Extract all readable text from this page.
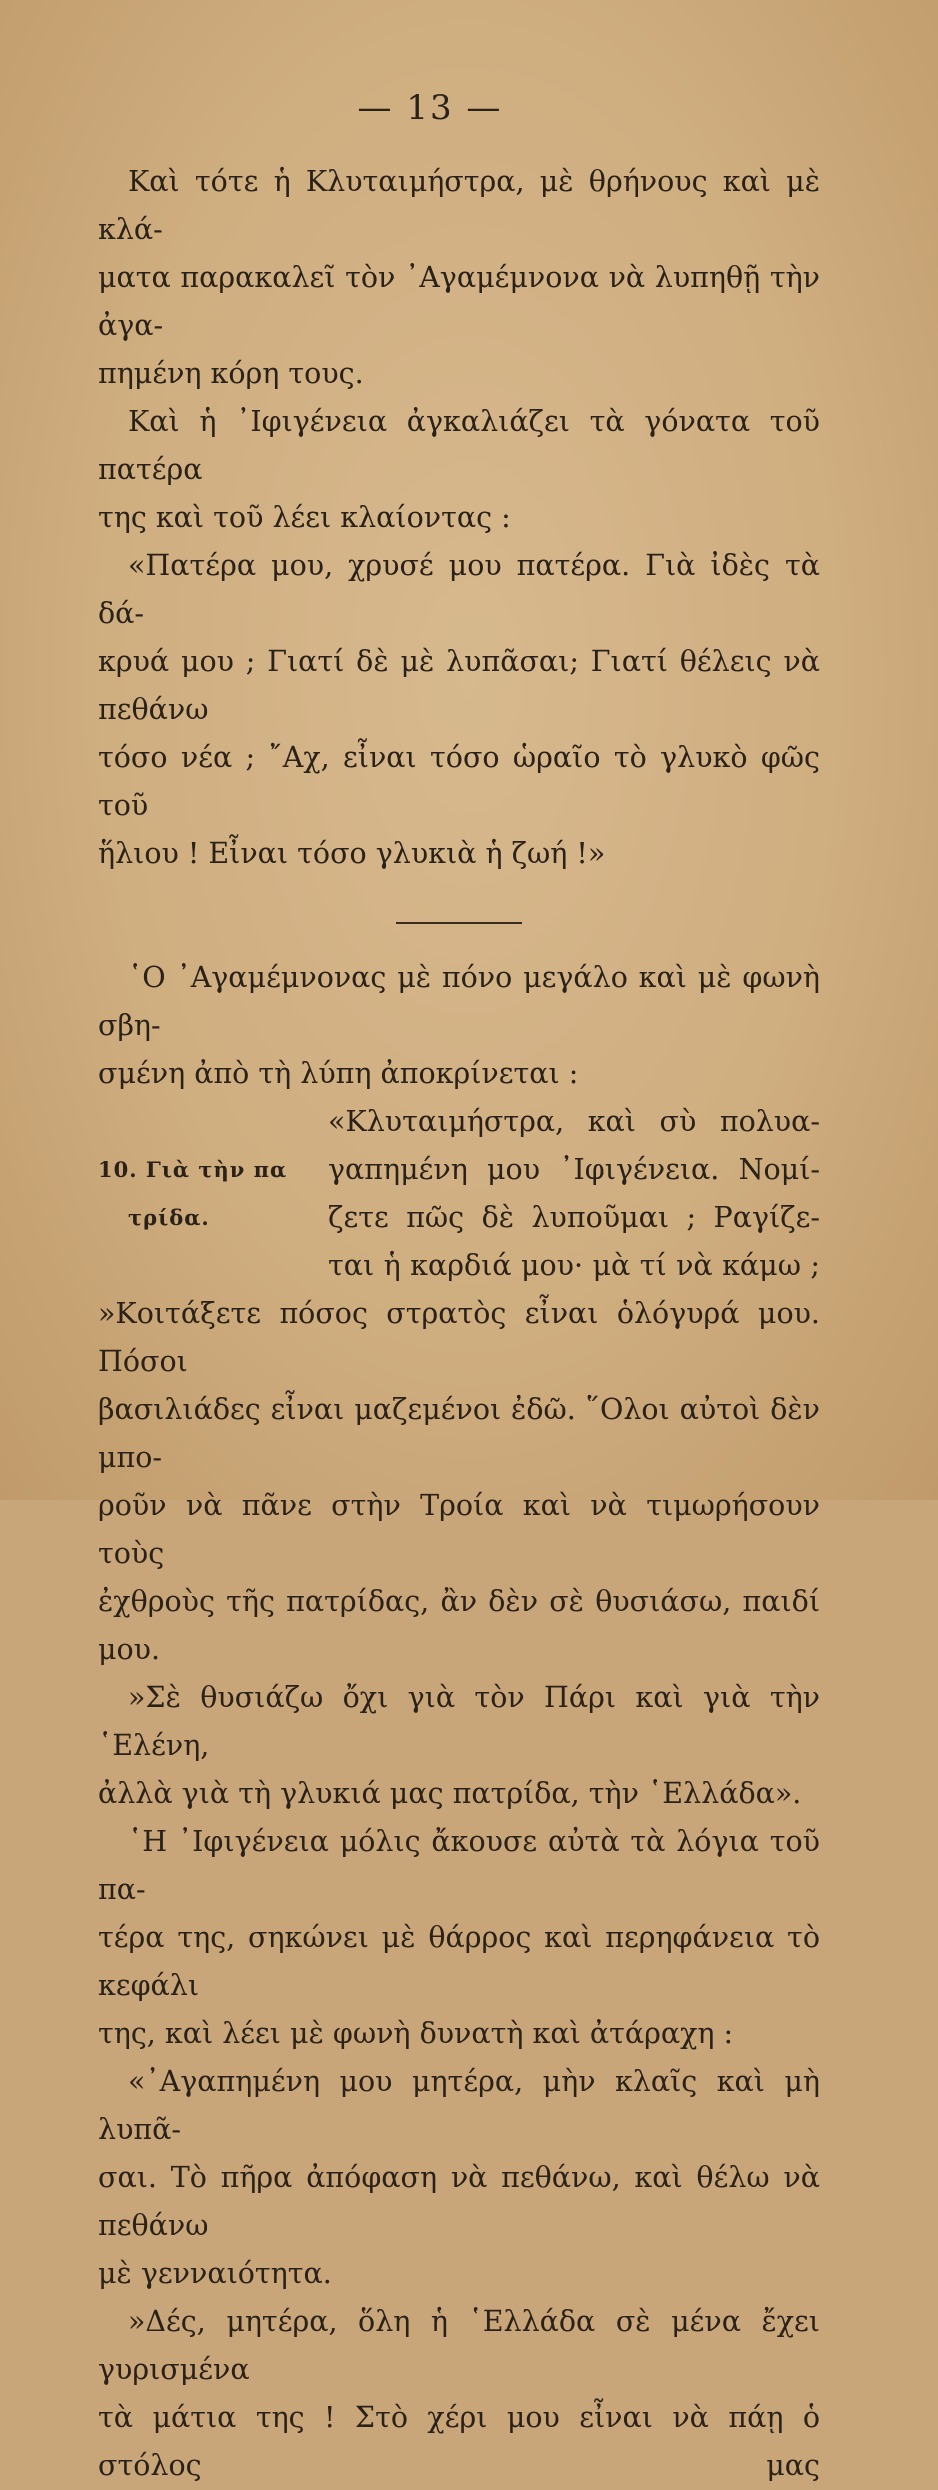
— 13 —

Καὶ τότε ἡ Κλυταιμήστρα, μὲ θρήνους καὶ μὲ κλά-

ματα παρακαλεῖ τὸν ᾿Αγαμέμνονα νὰ λυπηθῇ τὴν ἀγα-

πημένη κόρη τους.

Καὶ ἡ ᾿Ιφιγένεια ἀγκαλιάζει τὰ γόνατα τοῦ πατέρα

της καὶ τοῦ λέει κλαίοντας :

«Πατέρα μου, χρυσέ μου πατέρα. Γιὰ ἰδὲς τὰ δά-

κρυά μου ; Γιατί δὲ μὲ λυπᾶσαι; Γιατί θέλεις νὰ πεθάνω

τόσο νέα ; ῎Αχ, εἶναι τόσο ὡραῖο τὸ γλυκὸ φῶς τοῦ

ἥλιου ! Εἶναι τόσο γλυκιὰ ἡ ζωή !»

῾Ο ᾿Αγαμέμνονας μὲ πόνο μεγάλο καὶ μὲ φωνὴ σβη-

σμένη ἀπὸ τὴ λύπη ἀποκρίνεται :

10. Γιὰ τὴν πα
τρίδα.

«Κλυταιμήστρα, καὶ σὺ πολυα-

γαπημένη μου ᾿Ιφιγένεια. Νομί-

ζετε πῶς δὲ λυποῦμαι ; Ραγίζε-

ται ἡ καρδιά μου· μὰ τί νὰ κάμω ;

»Κοιτάξετε πόσος στρατὸς εἶναι ὁλόγυρά μου. Πόσοι

βασιλιάδες εἶναι μαζεμένοι ἐδῶ. ῞Ολοι αὐτοὶ δὲν μπο-

ροῦν νὰ πᾶνε στὴν Τροία καὶ νὰ τιμωρήσουν τοὺς

ἐχθροὺς τῆς πατρίδας, ἂν δὲν σὲ θυσιάσω, παιδί μου.

»Σὲ θυσιάζω ὄχι γιὰ τὸν Πάρι καὶ γιὰ τὴν ῾Ελένη,

ἀλλὰ γιὰ τὴ γλυκιά μας πατρίδα, τὴν ῾Ελλάδα».

῾Η ᾿Ιφιγένεια μόλις ἄκουσε αὐτὰ τὰ λόγια τοῦ πα-

τέρα της, σηκώνει μὲ θάρρος καὶ περηφάνεια τὸ κεφάλι

της, καὶ λέει μὲ φωνὴ δυνατὴ καὶ ἀτάραχη :

«᾿Αγαπημένη μου μητέρα, μὴν κλαῖς καὶ μὴ λυπᾶ-

σαι. Τὸ πῆρα ἀπόφαση νὰ πεθάνω, καὶ θέλω νὰ πεθάνω

μὲ γενναιότητα.

»Δές, μητέρα, ὅλη ἡ ῾Ελλάδα σὲ μένα ἔχει γυρισμένα

τὰ μάτια της ! Στὸ χέρι μου εἶναι νὰ πάῃ ὁ στόλος μας
